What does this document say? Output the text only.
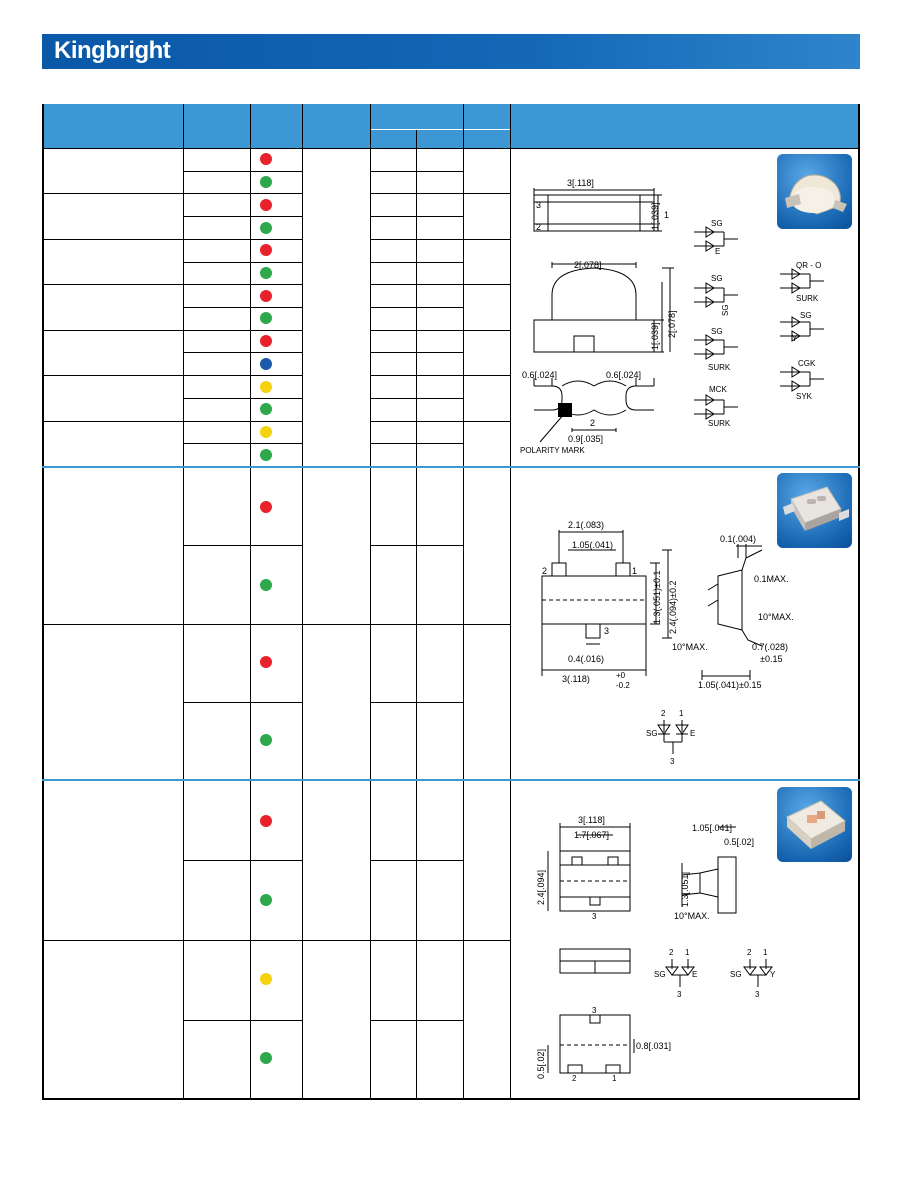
Kingbright
3[.118]
1[.039] 1
3
2
2[.078]
1[.039] 2[.078]
0.6[.024]	0.6[.024]
2
0.9[.035]
POLARITY MARK
SG
E
SG
SG
SG
SURK
MCK
SURK
QR - O
SURK
SG
Y
CGK
SYK
2.1(.083)
1.05(.041)
2	1
3
1.3(.051)±0.1 2.4(.094)±0.2
0.4(.016)
3(.118)	+0
-0.2
0.1(.004)
0.1MAX.
10°MAX.
10°MAX.	0.7(.028)
±0.15
1.05(.041)±0.15
SG	E
2 1
3
3[.118]
1.7[.067]
2.4[.094]
1.05[.041]
0.5[.02]
1.3[.051]
10°MAX.
3
0.5[.02]
0.8[.031]
3
2	1
SG	E
2 1
3
SG	Y
2 1
3
